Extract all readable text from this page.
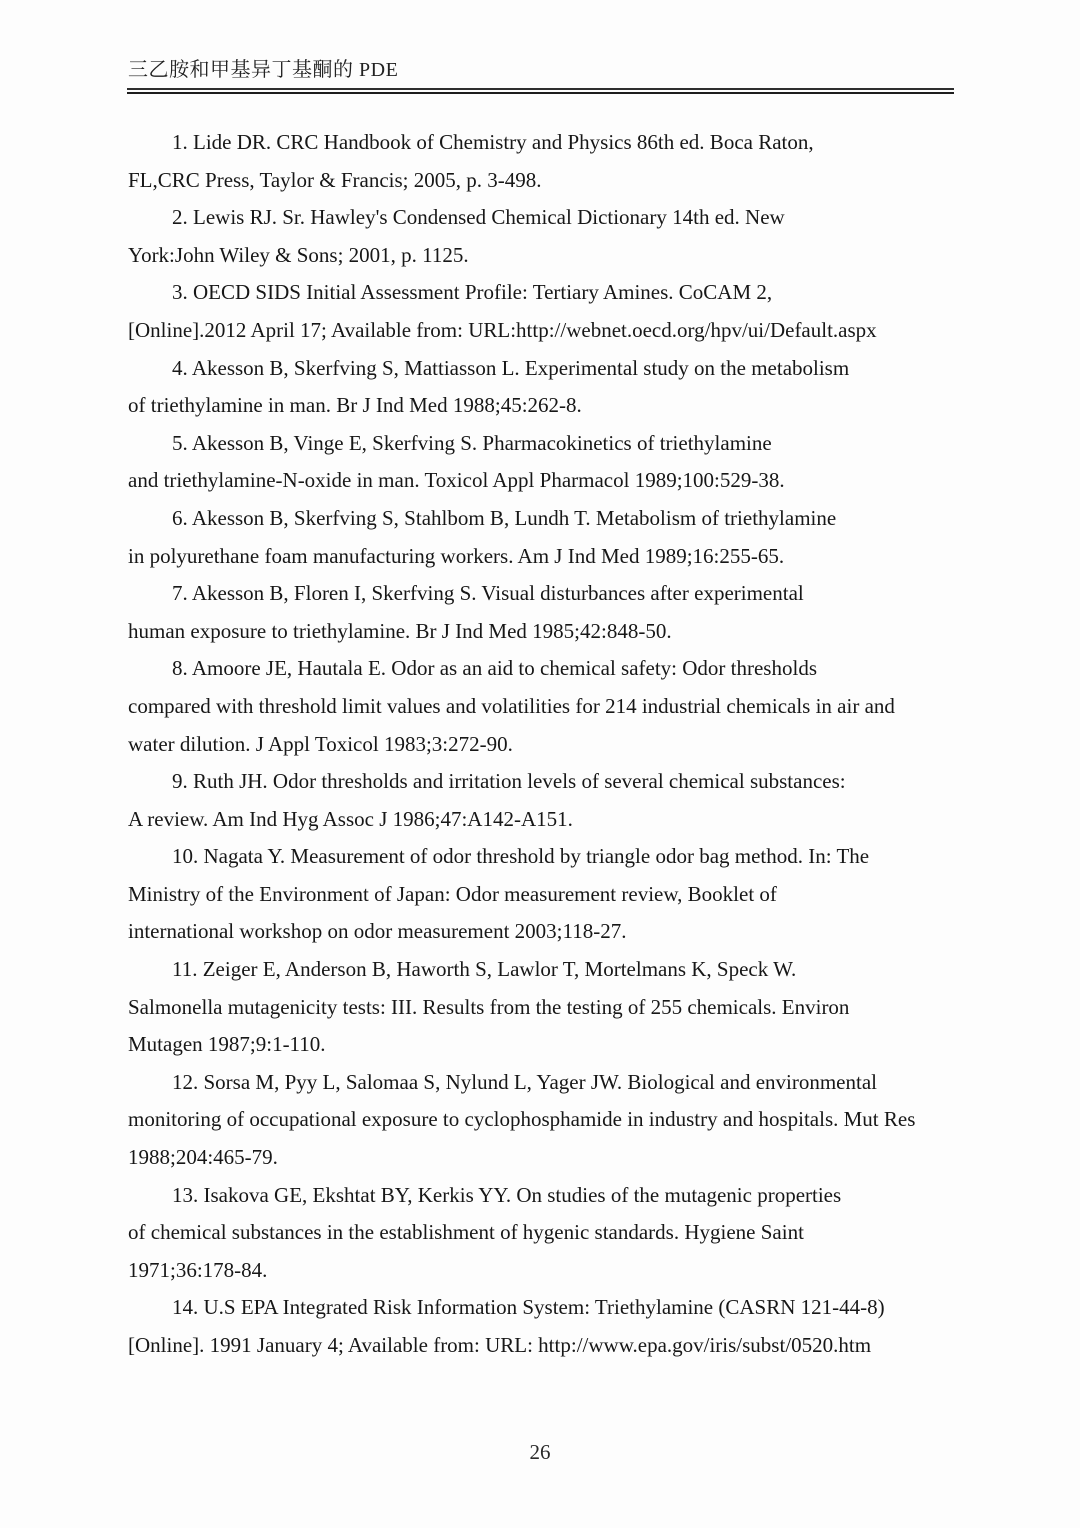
三乙胺和甲基异丁基酮的 PDE

1. Lide DR. CRC Handbook of Chemistry and Physics 86th ed. Boca Raton,
FL,CRC Press, Taylor & Francis; 2005, p. 3-498.

2. Lewis RJ. Sr. Hawley's Condensed Chemical Dictionary 14th ed. New
York:John Wiley & Sons; 2001, p. 1125.

3. OECD SIDS Initial Assessment Profile: Tertiary Amines. CoCAM 2,
[Online].2012 April 17; Available from: URL:http://webnet.oecd.org/hpv/ui/Default.aspx

4. Akesson B, Skerfving S, Mattiasson L. Experimental study on the metabolism
of triethylamine in man. Br J Ind Med 1988;45:262-8.

5. Akesson B, Vinge E, Skerfving S. Pharmacokinetics of triethylamine
and triethylamine-N-oxide in man. Toxicol Appl Pharmacol 1989;100:529-38.

6. Akesson B, Skerfving S, Stahlbom B, Lundh T. Metabolism of triethylamine
in polyurethane foam manufacturing workers. Am J Ind Med 1989;16:255-65.

7. Akesson B, Floren I, Skerfving S. Visual disturbances after experimental
human exposure to triethylamine. Br J Ind Med 1985;42:848-50.

8. Amoore JE, Hautala E. Odor as an aid to chemical safety: Odor thresholds
compared with threshold limit values and volatilities for 214 industrial chemicals in air and
water dilution. J Appl Toxicol 1983;3:272-90.

9. Ruth JH. Odor thresholds and irritation levels of several chemical substances:
A review. Am Ind Hyg Assoc J 1986;47:A142-A151.

10. Nagata Y. Measurement of odor threshold by triangle odor bag method. In: The
Ministry of the Environment of Japan: Odor measurement review, Booklet of
international workshop on odor measurement 2003;118-27.

11. Zeiger E, Anderson B, Haworth S, Lawlor T, Mortelmans K, Speck W.
Salmonella mutagenicity tests: III. Results from the testing of 255 chemicals. Environ
Mutagen 1987;9:1-110.

12. Sorsa M, Pyy L, Salomaa S, Nylund L, Yager JW. Biological and environmental
monitoring of occupational exposure to cyclophosphamide in industry and hospitals. Mut Res
1988;204:465-79.

13. Isakova GE, Ekshtat BY, Kerkis YY. On studies of the mutagenic properties
of chemical substances in the establishment of hygenic standards. Hygiene Saint
1971;36:178-84.

14. U.S EPA Integrated Risk Information System: Triethylamine (CASRN 121-44-8)
[Online]. 1991 January 4; Available from: URL: http://www.epa.gov/iris/subst/0520.htm

26
